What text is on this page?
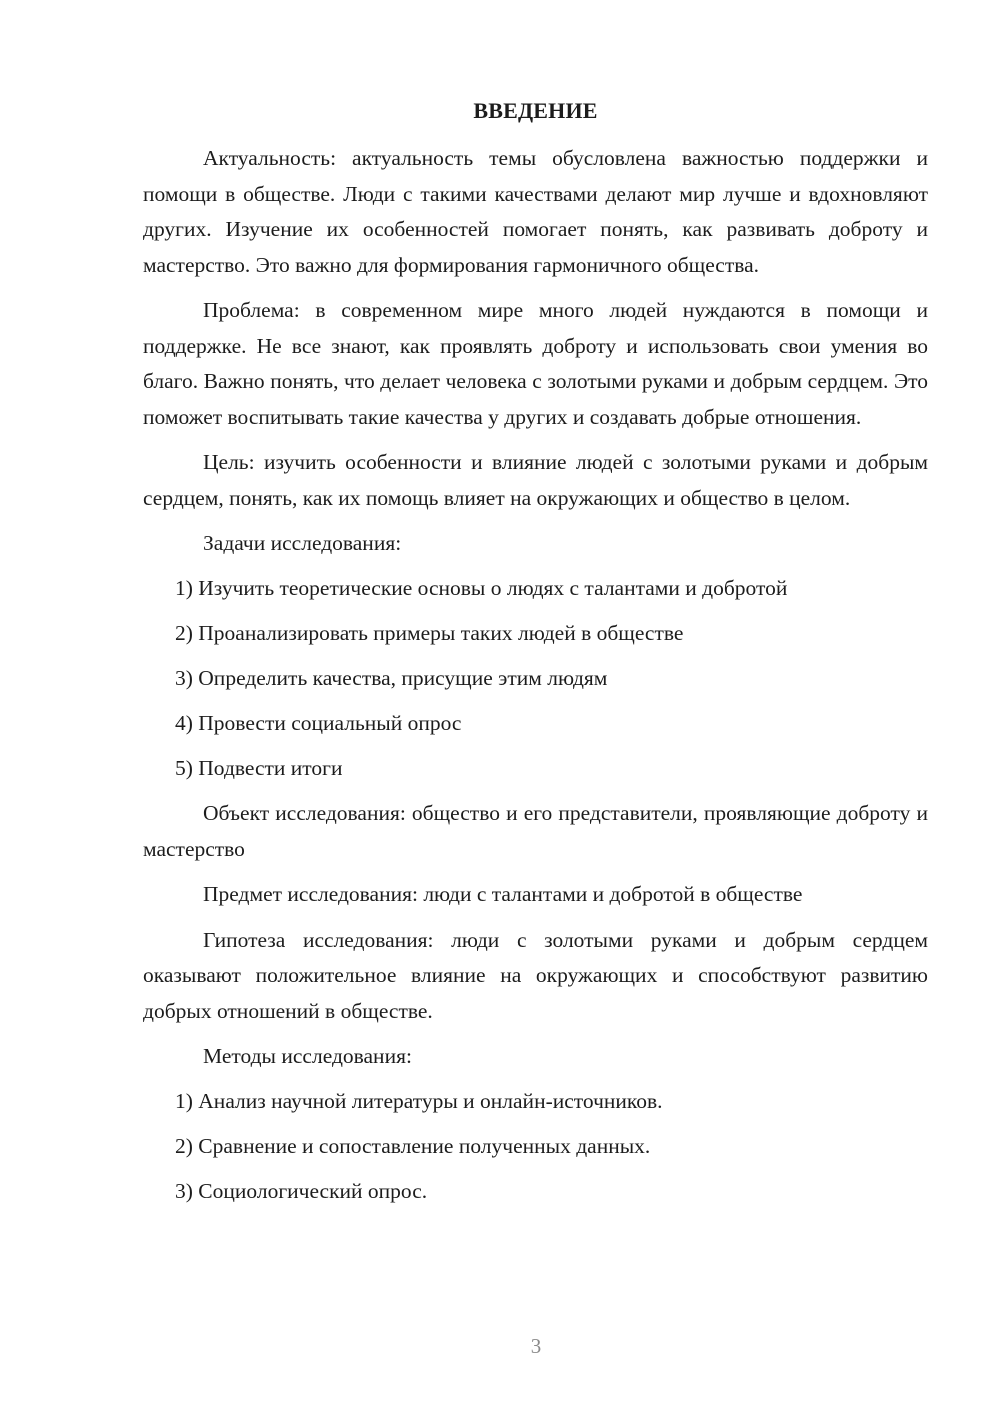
ВВЕДЕНИЕ

Актуальность: актуальность темы обусловлена важностью поддержки и помощи в обществе. Люди с такими качествами делают мир лучше и вдохновляют других. Изучение их особенностей помогает понять, как развивать доброту и мастерство. Это важно для формирования гармоничного общества.

Проблема: в современном мире много людей нуждаются в помощи и поддержке. Не все знают, как проявлять доброту и использовать свои умения во благо. Важно понять, что делает человека с золотыми руками и добрым сердцем. Это поможет воспитывать такие качества у других и создавать добрые отношения.

Цель: изучить особенности и влияние людей с золотыми руками и добрым сердцем, понять, как их помощь влияет на окружающих и общество в целом.

Задачи исследования:
1) Изучить теоретические основы о людях с талантами и добротой
2) Проанализировать примеры таких людей в обществе
3) Определить качества, присущие этим людям
4) Провести социальный опрос
5) Подвести итоги

Объект исследования: общество и его представители, проявляющие доброту и мастерство

Предмет исследования: люди с талантами и добротой в обществе

Гипотеза исследования: люди с золотыми руками и добрым сердцем оказывают положительное влияние на окружающих и способствуют развитию добрых отношений в обществе.

Методы исследования:
1) Анализ научной литературы и онлайн-источников.
2) Сравнение и сопоставление полученных данных.
3) Социологический опрос.
3
